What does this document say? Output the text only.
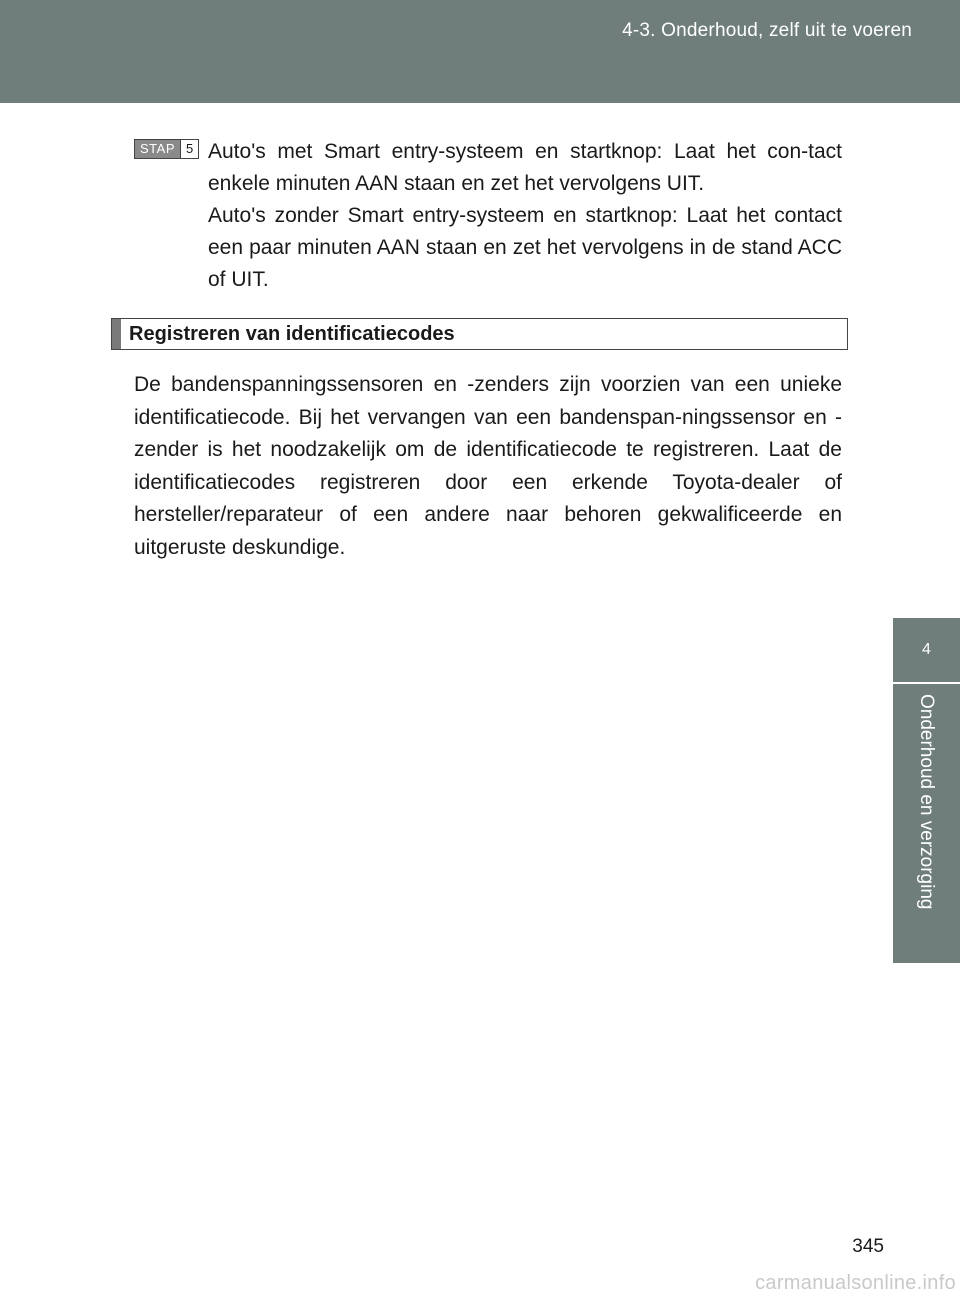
4-3. Onderhoud, zelf uit te voeren
4
Onderhoud en verzorging
STAP 5 Auto's met Smart entry-systeem en startknop: Laat het con-tact enkele minuten AAN staan en zet het vervolgens UIT.

Auto's zonder Smart entry-systeem en startknop: Laat het contact een paar minuten AAN staan en zet het vervolgens in de stand ACC of UIT.

Registreren van identificatiecodes

De bandenspanningssensoren en -zenders zijn voorzien van een unieke identificatiecode. Bij het vervangen van een bandenspan-ningssensor en -zender is het noodzakelijk om de identificatiecode te registreren. Laat de identificatiecodes registreren door een erkende Toyota-dealer of hersteller/reparateur of een andere naar behoren gekwalificeerde en uitgeruste deskundige.

345
carmanualsonline.info
